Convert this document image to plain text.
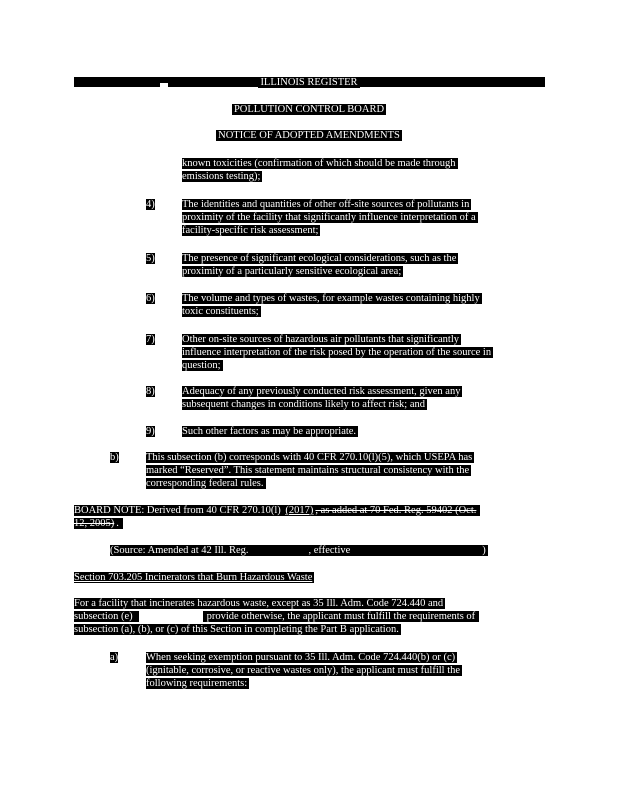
ILLINOIS REGISTER
POLLUTION CONTROL BOARD
NOTICE OF ADOPTED AMENDMENTS
known toxicities (confirmation of which should be made through
emissions testing);
4)	The identities and quantities of other off-site sources of pollutants in
proximity of the facility that significantly influence interpretation of a
facility-specific risk assessment;
5)	The presence of significant ecological considerations, such as the
proximity of a particularly sensitive ecological area;
6)	The volume and types of wastes, for example wastes containing highly
toxic constituents;
7)	Other on-site sources of hazardous air pollutants that significantly
influence interpretation of the risk posed by the operation of the source in
question;
8)	Adequacy of any previously conducted risk assessment, given any
subsequent changes in conditions likely to affect risk; and
9)	Such other factors as may be appropriate.
b)	This subsection (b) corresponds with 40 CFR 270.10(l)(5), which USEPA has
marked “Reserved”. This statement maintains structural consistency with the
corresponding federal rules.
BOARD NOTE: Derived from 40 CFR 270.10(l) (2017) , as added at 70 Fed. Reg. 59402 (Oct.
12, 2005) .
(Source: Amended at 42 Ill. Reg.	, effective	)
Section 703.205 Incinerators that Burn Hazardous Waste
For a facility that incinerates hazardous waste, except as 35 Ill. Adm. Code 724.440 and
subsection (e)	provide otherwise, the applicant must fulfill the requirements of
subsection (a), (b), or (c) of this Section in completing the Part B application.
a)	When seeking exemption pursuant to 35 Ill. Adm. Code 724.440(b) or (c)
(ignitable, corrosive, or reactive wastes only), the applicant must fulfill the
following requirements:
